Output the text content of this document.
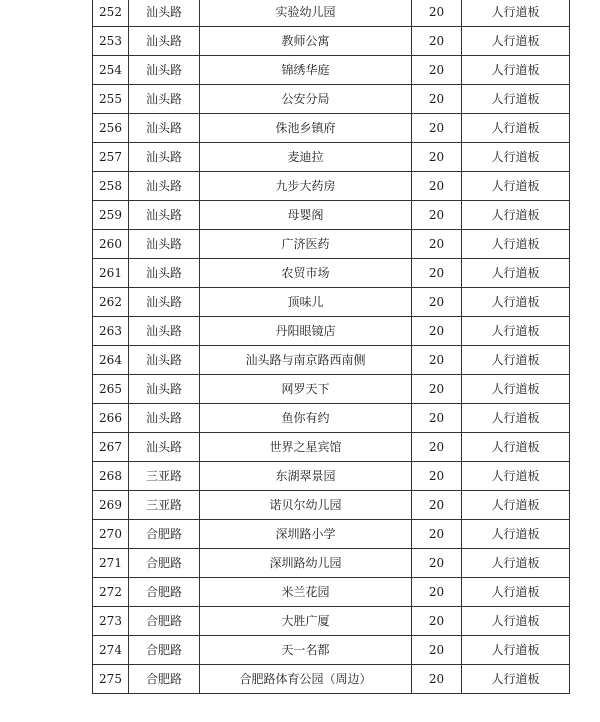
252	汕头路	实验幼儿园	20	人行道板
253	汕头路	教师公寓	20	人行道板
254	汕头路	锦绣华庭	20	人行道板
255	汕头路	公安分局	20	人行道板
256	汕头路	侏池乡镇府	20	人行道板
257	汕头路	麦迪拉	20	人行道板
258	汕头路	九步大药房	20	人行道板
259	汕头路	母婴阁	20	人行道板
260	汕头路	广济医药	20	人行道板
261	汕头路	农贸市场	20	人行道板
262	汕头路	顶味儿	20	人行道板
263	汕头路	丹阳眼镜店	20	人行道板
264	汕头路	汕头路与南京路西南侧	20	人行道板
265	汕头路	网罗天下	20	人行道板
266	汕头路	鱼你有约	20	人行道板
267	汕头路	世界之星宾馆	20	人行道板
268	三亚路	东湖翠景园	20	人行道板
269	三亚路	诺贝尔幼儿园	20	人行道板
270	合肥路	深圳路小学	20	人行道板
271	合肥路	深圳路幼儿园	20	人行道板
272	合肥路	米兰花园	20	人行道板
273	合肥路	大胜广厦	20	人行道板
274	合肥路	天一名都	20	人行道板
275	合肥路	合肥路体育公园（周边）	20	人行道板
